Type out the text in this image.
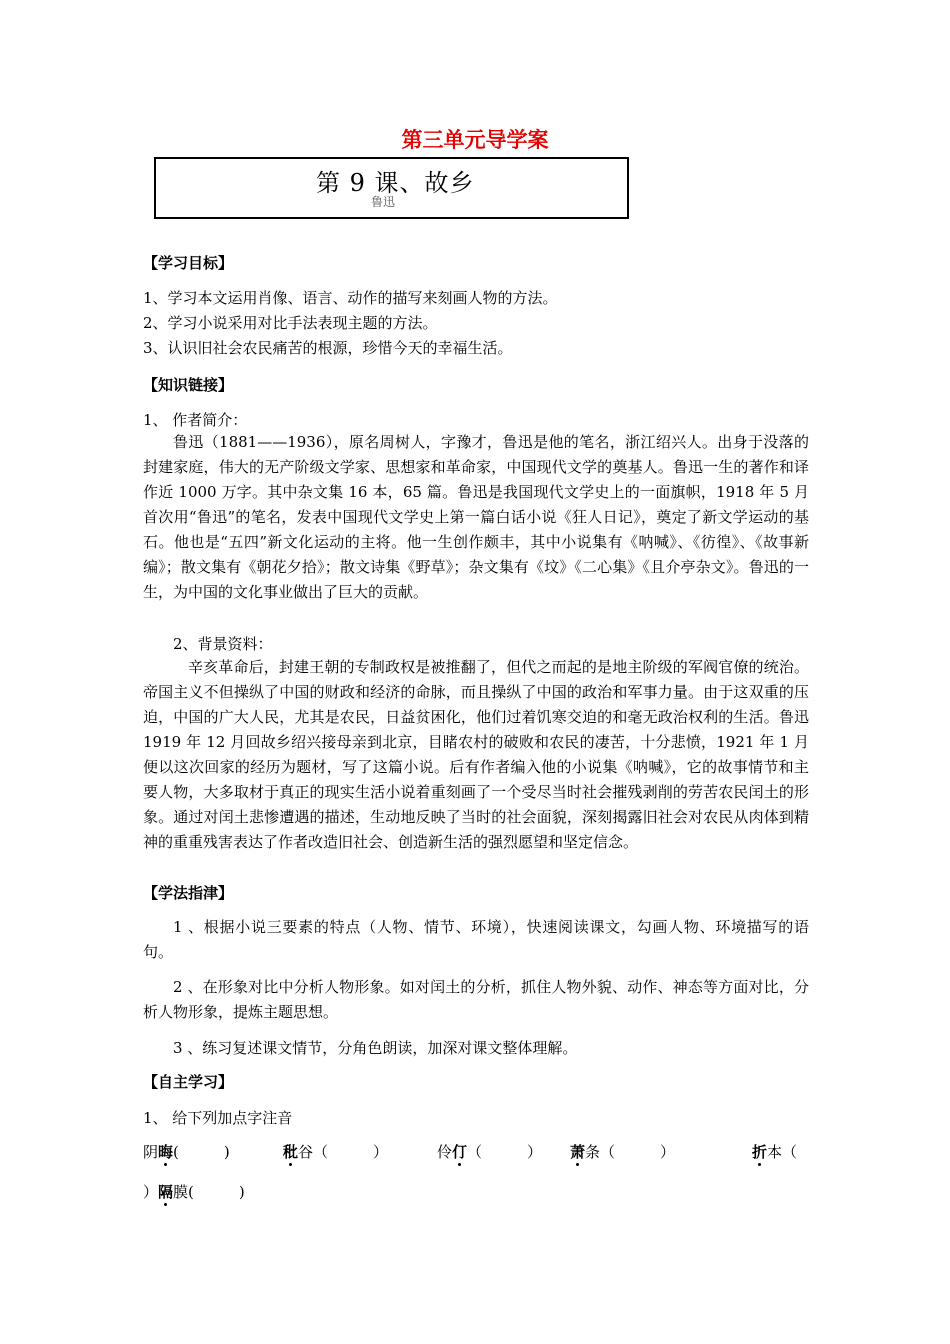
第三单元导学案
第 9 课、故乡
鲁迅
【学习目标】
1、学习本文运用肖像、语言、动作的描写来刻画人物的方法。
2、学习小说采用对比手法表现主题的方法。
3、认识旧社会农民痛苦的根源，珍惜今天的幸福生活。
【知识链接】
1、 作者简介：

鲁迅（1881——1936），原名周树人，字豫才，鲁迅是他的笔名，浙江绍兴人。出身于没落的封建家庭，伟大的无产阶级文学家、思想家和革命家，中国现代文学的奠基人。鲁迅一生的著作和译作近 1000 万字。其中杂文集 16 本，65 篇。鲁迅是我国现代文学史上的一面旗帜，1918 年 5 月首次用“鲁迅”的笔名，发表中国现代文学史上第一篇白话小说《狂人日记》，奠定了新文学运动的基石。他也是“五四”新文化运动的主将。他一生创作颇丰，其中小说集有《呐喊》、《彷徨》、《故事新编》；散文集有《朝花夕拾》；散文诗集《野草》；杂文集有《坟》《二心集》《且介亭杂文》。鲁迅的一生，为中国的文化事业做出了巨大的贡献。

2、背景资料：

辛亥革命后，封建王朝的专制政权是被推翻了，但代之而起的是地主阶级的军阀官僚的统治。帝国主义不但操纵了中国的财政和经济的命脉，而且操纵了中国的政治和军事力量。由于这双重的压迫，中国的广大人民，尤其是农民，日益贫困化，他们过着饥寒交迫的和毫无政治权利的生活。鲁迅 1919 年 12 月回故乡绍兴接母亲到北京，目睹农村的破败和农民的凄苦，十分悲愤，1921 年 1 月便以这次回家的经历为题材，写了这篇小说。后有作者编入他的小说集《呐喊》，它的故事情节和主要人物，大多取材于真正的现实生活小说着重刻画了一个受尽当时社会摧残剥削的劳苦农民闰土的形象。通过对闰土悲惨遭遇的描述，生动地反映了当时的社会面貌，深刻揭露旧社会对农民从肉体到精神的重重残害表达了作者改造旧社会、创造新生活的强烈愿望和坚定信念。

【学法指津】

1 、根据小说三要素的特点（人物、情节、环境），快速阅读课文，勾画人物、环境描写的语句。

2 、在形象对比中分析人物形象。如对闰土的分析，抓住人物外貌、动作、神态等方面对比，分析人物形象，提炼主题思想。

3 、练习复述课文情节，分角色朗读，加深对课文整体理解。

【自主学习】
1、 给下列加点字注音
阴晦(　　　)	秕谷（　　　）	伶仃（　　　） 萧条（　　　）	折本（
）隔膜(　　　)
